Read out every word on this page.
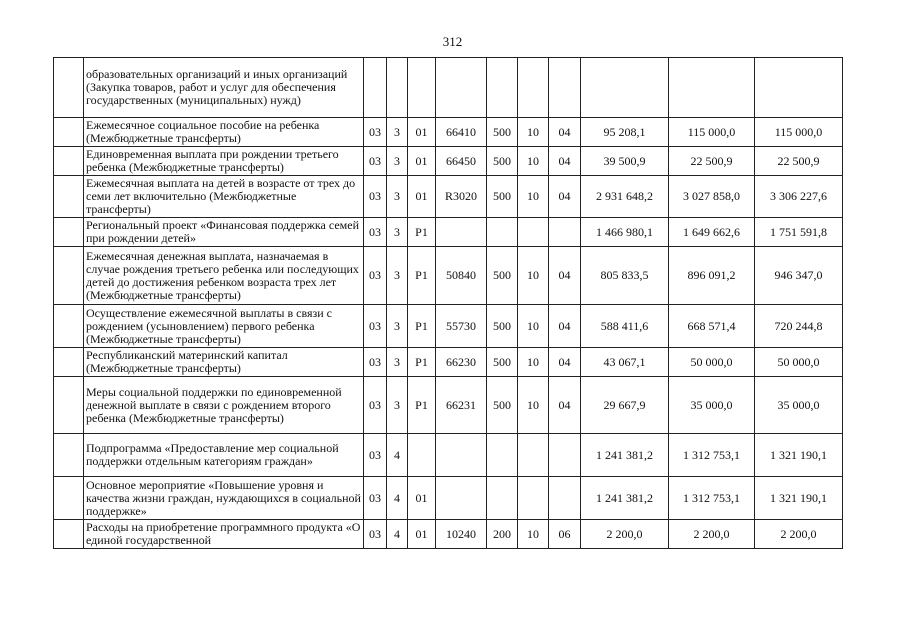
312
	образовательных организаций и иных организаций (Закупка товаров, работ и услуг для обеспечения государственных (муниципальных) нужд)										
	Ежемесячное социальное пособие на ребенка (Межбюджетные трансферты)	03	3	01	66410	500	10	04	95 208,1	115 000,0	115 000,0
	Единовременная выплата при рождении третьего ребенка (Межбюджетные трансферты)	03	3	01	66450	500	10	04	39 500,9	22 500,9	22 500,9
	Ежемесячная выплата на детей в возрасте от трех до семи лет включительно (Межбюджетные трансферты)	03	3	01	R3020	500	10	04	2 931 648,2	3 027 858,0	3 306 227,6
	Региональный проект «Финансовая поддержка семей при рождении детей»	03	3	P1					1 466 980,1	1 649 662,6	1 751 591,8
	Ежемесячная денежная выплата, назначаемая в случае рождения третьего ребенка или последующих детей до достижения ребенком возраста трех лет (Межбюджетные трансферты)	03	3	P1	50840	500	10	04	805 833,5	896 091,2	946 347,0
	Осуществление ежемесячной выплаты в связи с рождением (усыновлением) первого ребенка (Межбюджетные трансферты)	03	3	P1	55730	500	10	04	588 411,6	668 571,4	720 244,8
	Республиканский материнский капитал (Межбюджетные трансферты)	03	3	P1	66230	500	10	04	43 067,1	50 000,0	50 000,0
	Меры социальной поддержки по единовременной денежной выплате в связи с рождением второго ребенка (Межбюджетные трансферты)	03	3	P1	66231	500	10	04	29 667,9	35 000,0	35 000,0
	Подпрограмма «Предоставление мер социальной поддержки отдельным категориям граждан»	03	4						1 241 381,2	1 312 753,1	1 321 190,1
	Основное мероприятие «Повышение уровня и качества жизни граждан, нуждающихся в социальной поддержке»	03	4	01					1 241 381,2	1 312 753,1	1 321 190,1
	Расходы на приобретение программного продукта «О единой государственной	03	4	01	10240	200	10	06	2 200,0	2 200,0	2 200,0
